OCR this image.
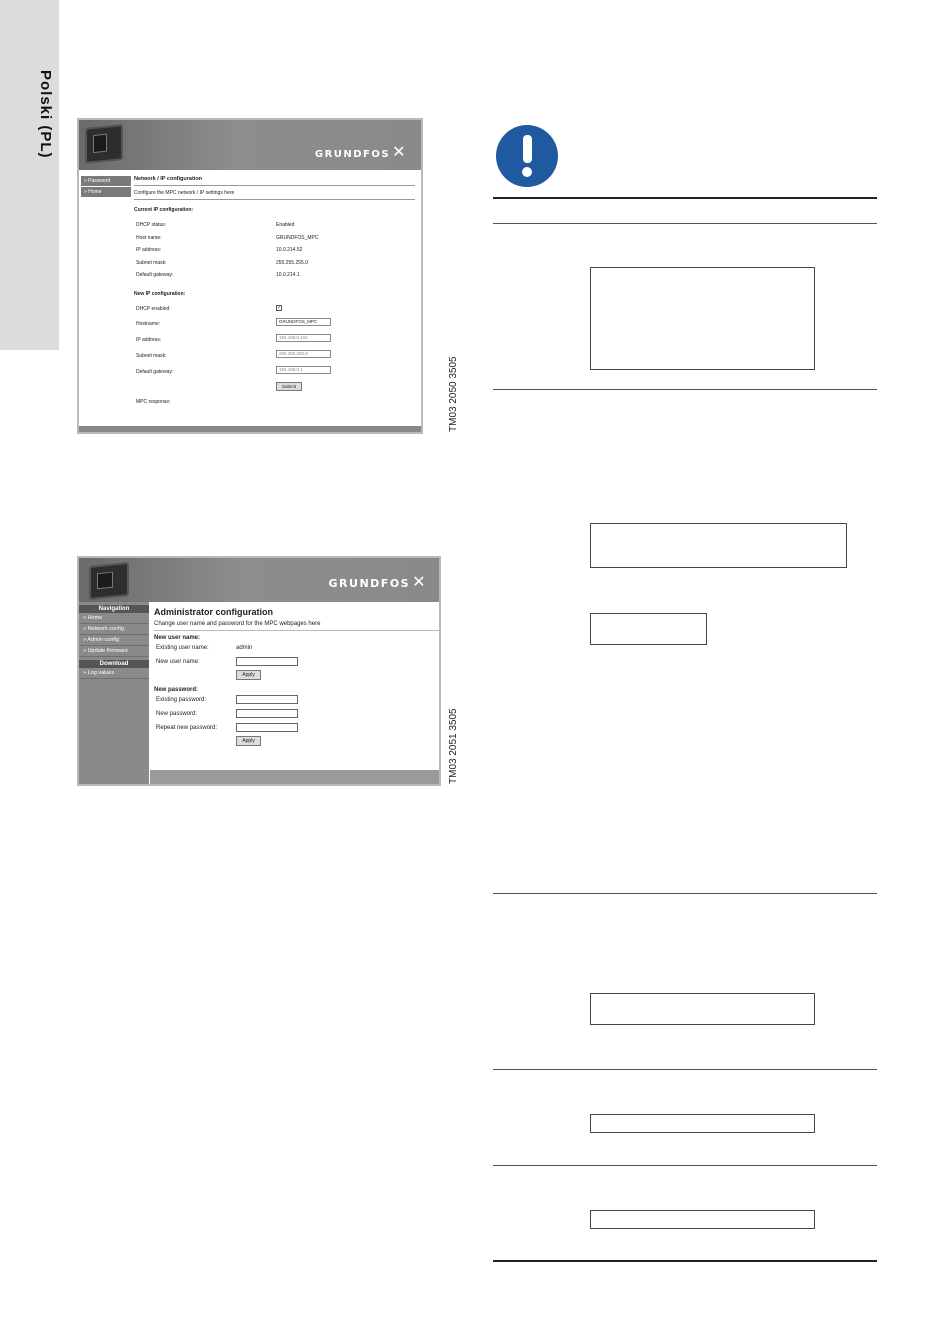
Polski (PL)	GRUNDFOS ✕
» Password
» Home
Network / IP configuration
Configure the MPC network / IP settings here
Current IP configuration:
DHCP status:	Enabled
Host name:	GRUNDFOS_MPC
IP address:	10.0.214.52
Subnet mask:	255.255.255.0
Default gateway:	10.0.214.1
New IP configuration:
DHCP enabled:	✓
Hostname:	GRUNDFOS_MPC
IP address:	192.168.0.102
Subnet mask:	255.255.255.0
Default gateway:	192.168.0.1
Submit
MPC response:	TM03 2050 3505
GRUNDFOS ✕
Navigation
» Home
» Network config
» Admin config
» Update firmware
Download
» Log values
Administrator configuration
Change user name and password for the MPC webpages here
New user name:
Existing user name:	admin
New user name:
Apply
New password:
Existing password:
New password:
Repeat new password:
Apply	TM03 2051 3505
